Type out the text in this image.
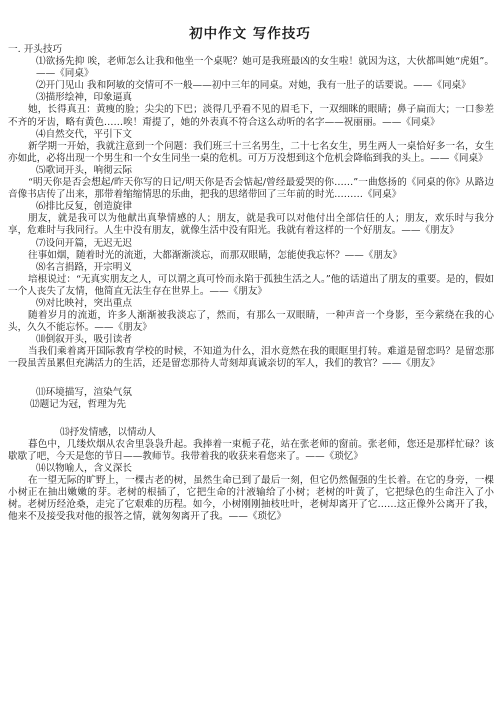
初中作文 写作技巧

一. 开头技巧

⑴欲扬先抑 唉，老师怎么让我和他坐一个桌呢？她可是我班最凶的女生啦！就因为这，大伙都叫她“虎姐”。——《同桌》

⑵开门见山 我和阿敏的交情可不一般——初中三年的同桌。对她，我有一肚子的话要说。——《同桌》

⑶描形绘神，印象逼真

她，长得真丑：黄瘦的脸；尖尖的下巴；淡得几乎看不见的眉毛下，一双细眯的眼睛；鼻子扁而大；一口参差不齐的牙齿，略有黄色……唉！甭提了，她的外表真不符合这么动听的名字——祝丽丽。——《同桌》

⑷自然交代，平引下文

新学期一开始，我就注意到一个问题：我们班三十三名男生，二十七名女生，男生两人一桌恰好多一名，女生亦如此，必将出现一个男生和一个女生同坐一桌的危机。可万万没想到这个危机会降临到我的头上。——《同桌》

⑸歌词开头，响彻云际

“明天你是否会想起/昨天你写的日记/明天你是否会惦起/曾经最爱哭的你……”一曲悠扬的《同桌的你》从路边音像书店传了出来，那带着缩缩情思的乐曲，把我的思绪带回了三年前的时光………《同桌》

⑹排比反复，创造旋律

朋友，就是我可以为他献出真挚情感的人；朋友，就是我可以对他付出全部信任的人；朋友，欢乐时与我分享，危难时与我同行。人生中没有朋友，就像生活中没有阳光。我就有着这样的一个好朋友。——《朋友》

⑺设问开篇，无迟无迟

往事如烟，随着时光的流逝，大都渐渐淡忘，而那双眼睛，怎能使我忘怀？——《朋友》

⑻名言捐路，开宗明义

培根说过：“无真实朋友之人，可以谓之真可怜而永陷于孤独生活之人。”他的话道出了朋友的重要。是的，假如一个人丧失了友情，他简直无法生存在世界上。——《朋友》

⑼对比映衬，突出重点

随着岁月的流逝，许多人渐渐被我淡忘了，然而，有那么一双眼睛，一种声音一个身影，至今萦绕在我的心头，久久不能忘怀。——《朋友》

⑽倒叙开头，吸引读者

当我们乘着离开国际教育学校的时候，不知道为什么，泪水竟然在我的眼眶里打转。难道是留恋吗？是留恋那一段虽苦虽累但充满活力的生活，还是留恋那待人苛刻却真诚亲切的军人，我们的教官？——《朋友》

⑾环境描写，渲染气氛

⑿题记为冠，哲理为先

⒀抒发情感，以情动人

暮色中，几缕炊烟从农舍里袅袅升起。我捧着一束栀子花，站在张老师的窗前。张老师，您还是那样忙碌？该歇歇了吧，今天是您的节日——教师节。我带着我的收获来看您来了。——《琐忆》

⒁以物喻人，含义深长

在一望无际的旷野上，一棵古老的树，虽然生命已到了最后一刻，但它仍然倔强的生长着。在它的身旁，一棵小树正在抽出嫩嫩的芽。老树的根插了，它把生命的汁液输给了小树；老树的叶黄了，它把绿色的生命注入了小树。老树历经沧桑，走完了它艰难的历程。如今，小树刚刚抽枝吐叶，老树却离开了它……这正像外公离开了我，他来不及接受我对他的报答之情，就匆匆离开了我。——《琐忆》
